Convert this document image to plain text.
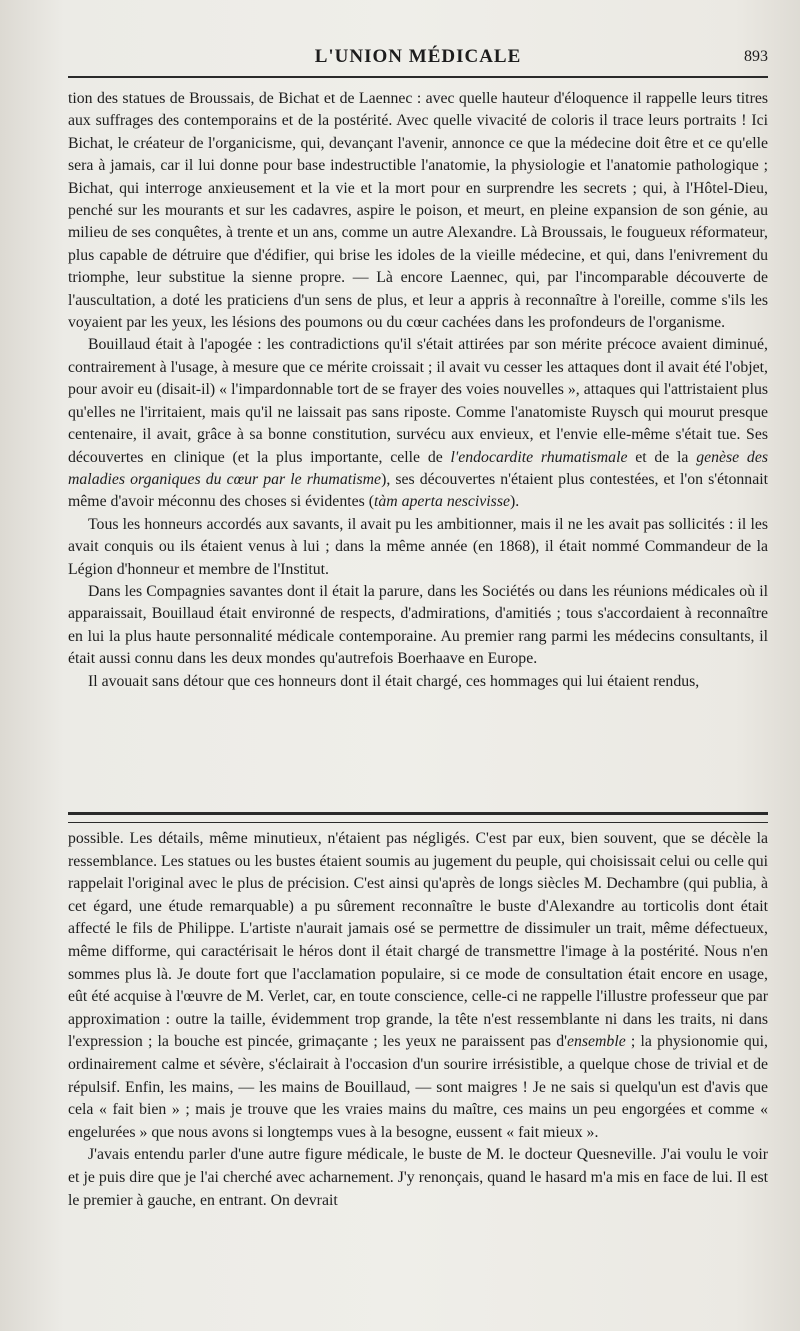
L'UNION MÉDICALE	893

tion des statues de Broussais, de Bichat et de Laennec : avec quelle hauteur d'éloquence il rappelle leurs titres aux suffrages des contemporains et de la postérité. Avec quelle vivacité de coloris il trace leurs portraits ! Ici Bichat, le créateur de l'organicisme, qui, devançant l'avenir, annonce ce que la médecine doit être et ce qu'elle sera à jamais, car il lui donne pour base indestructible l'anatomie, la physiologie et l'anatomie pathologique ; Bichat, qui interroge anxieusement et la vie et la mort pour en surprendre les secrets ; qui, à l'Hôtel-Dieu, penché sur les mourants et sur les cadavres, aspire le poison, et meurt, en pleine expansion de son génie, au milieu de ses conquêtes, à trente et un ans, comme un autre Alexandre. Là Broussais, le fougueux réformateur, plus capable de détruire que d'édifier, qui brise les idoles de la vieille médecine, et qui, dans l'enivrement du triomphe, leur substitue la sienne propre. — Là encore Laennec, qui, par l'incomparable découverte de l'auscultation, a doté les praticiens d'un sens de plus, et leur a appris à reconnaître à l'oreille, comme s'ils les voyaient par les yeux, les lésions des poumons ou du cœur cachées dans les profondeurs de l'organisme.

Bouillaud était à l'apogée : les contradictions qu'il s'était attirées par son mérite précoce avaient diminué, contrairement à l'usage, à mesure que ce mérite croissait ; il avait vu cesser les attaques dont il avait été l'objet, pour avoir eu (disait-il) « l'impardonnable tort de se frayer des voies nouvelles », attaques qui l'attristaient plus qu'elles ne l'irritaient, mais qu'il ne laissait pas sans riposte. Comme l'anatomiste Ruysch qui mourut presque centenaire, il avait, grâce à sa bonne constitution, survécu aux envieux, et l'envie elle-même s'était tue. Ses découvertes en clinique (et la plus importante, celle de l'endocardite rhumatismale et de la genèse des maladies organiques du cœur par le rhumatisme), ses découvertes n'étaient plus contestées, et l'on s'étonnait même d'avoir méconnu des choses si évidentes (tàm aperta nescivisse).

Tous les honneurs accordés aux savants, il avait pu les ambitionner, mais il ne les avait pas sollicités : il les avait conquis ou ils étaient venus à lui ; dans la même année (en 1868), il était nommé Commandeur de la Légion d'honneur et membre de l'Institut.

Dans les Compagnies savantes dont il était la parure, dans les Sociétés ou dans les réunions médicales où il apparaissait, Bouillaud était environné de respects, d'admirations, d'amitiés ; tous s'accordaient à reconnaître en lui la plus haute personnalité médicale contemporaine. Au premier rang parmi les médecins consultants, il était aussi connu dans les deux mondes qu'autrefois Boerhaave en Europe.

Il avouait sans détour que ces honneurs dont il était chargé, ces hommages qui lui étaient rendus,

possible. Les détails, même minutieux, n'étaient pas négligés. C'est par eux, bien souvent, que se décèle la ressemblance. Les statues ou les bustes étaient soumis au jugement du peuple, qui choisissait celui ou celle qui rappelait l'original avec le plus de précision. C'est ainsi qu'après de longs siècles M. Dechambre (qui publia, à cet égard, une étude remarquable) a pu sûrement reconnaître le buste d'Alexandre au torticolis dont était affecté le fils de Philippe. L'artiste n'aurait jamais osé se permettre de dissimuler un trait, même défectueux, même difforme, qui caractérisait le héros dont il était chargé de transmettre l'image à la postérité. Nous n'en sommes plus là. Je doute fort que l'acclamation populaire, si ce mode de consultation était encore en usage, eût été acquise à l'œuvre de M. Verlet, car, en toute conscience, celle-ci ne rappelle l'illustre professeur que par approximation : outre la taille, évidemment trop grande, la tête n'est ressemblante ni dans les traits, ni dans l'expression ; la bouche est pincée, grimaçante ; les yeux ne paraissent pas d'ensemble ; la physionomie qui, ordinairement calme et sévère, s'éclairait à l'occasion d'un sourire irrésistible, a quelque chose de trivial et de répulsif. Enfin, les mains, — les mains de Bouillaud, — sont maigres ! Je ne sais si quelqu'un est d'avis que cela « fait bien » ; mais je trouve que les vraies mains du maître, ces mains un peu engorgées et comme « engelurées » que nous avons si longtemps vues à la besogne, eussent « fait mieux ».

J'avais entendu parler d'une autre figure médicale, le buste de M. le docteur Quesneville. J'ai voulu le voir et je puis dire que je l'ai cherché avec acharnement. J'y renonçais, quand le hasard m'a mis en face de lui. Il est le premier à gauche, en entrant. On devrait
